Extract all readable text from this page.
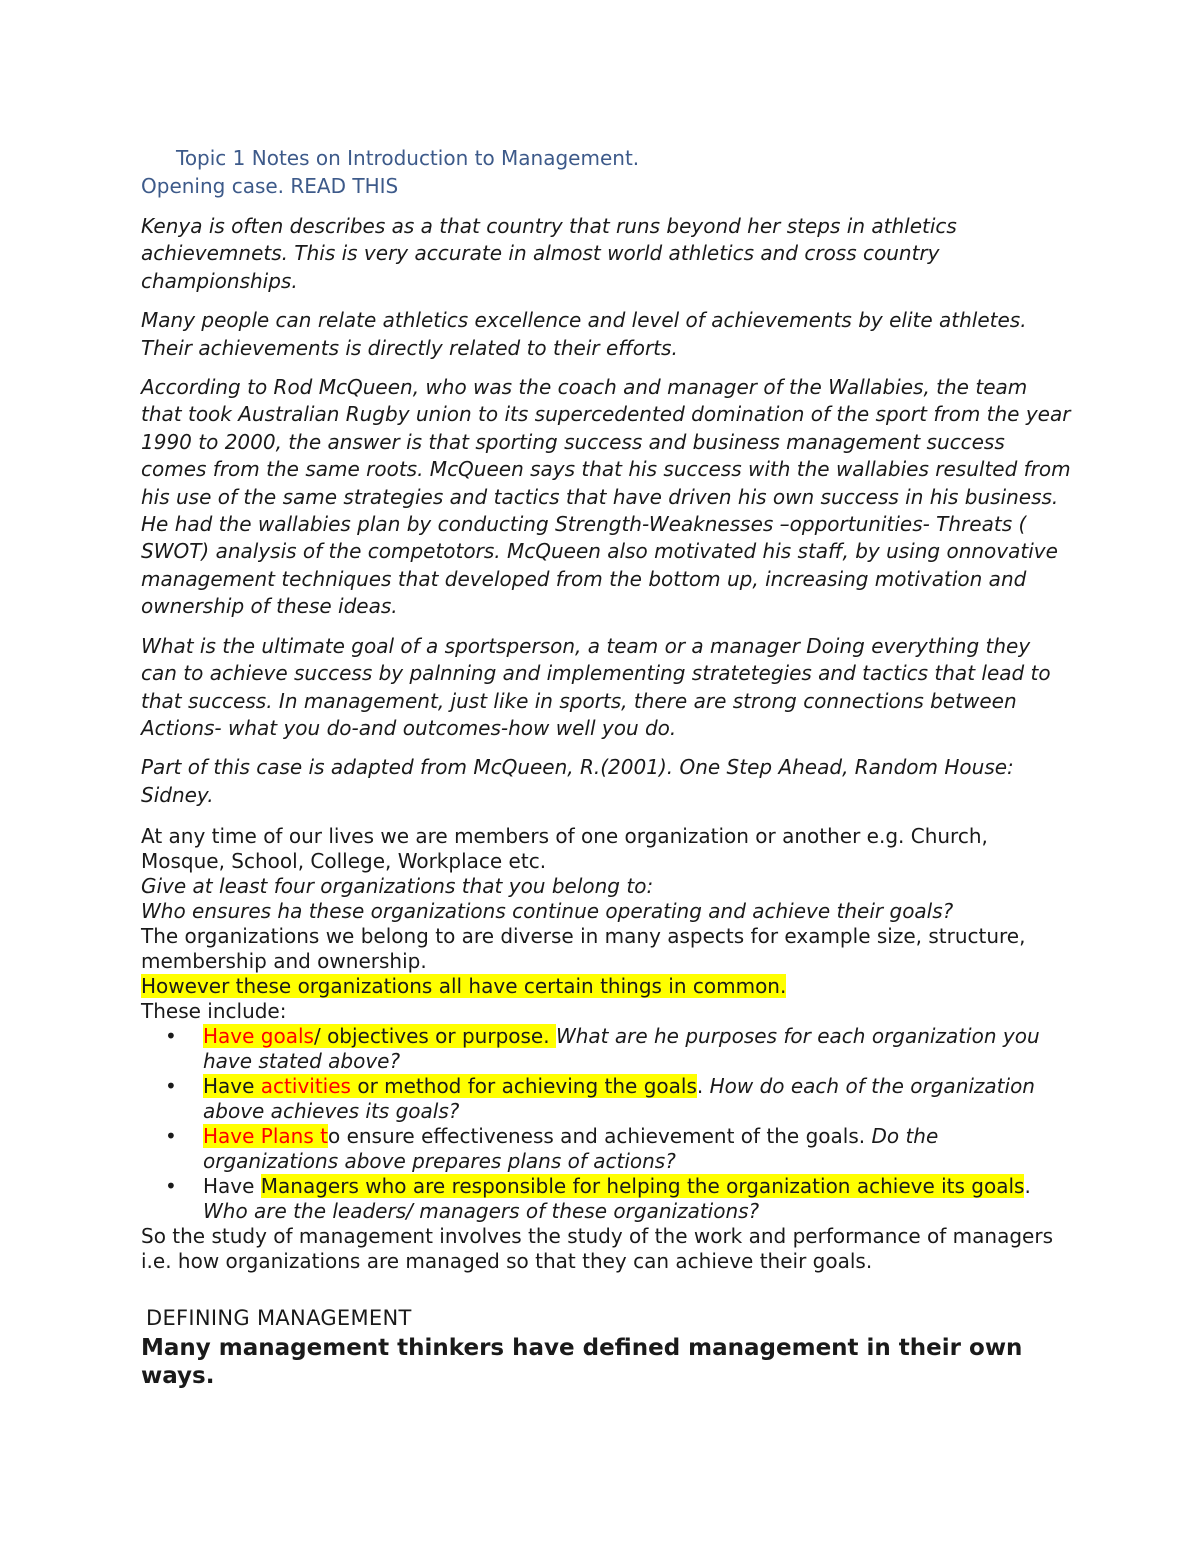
Topic 1 Notes on Introduction to Management.

Opening case. READ THIS

Kenya is often describes as a that country that runs beyond her steps in athletics achievemnets. This is very accurate in almost world athletics and cross country championships.

Many people can relate athletics excellence and level of achievements by elite athletes. Their achievements is directly related to their efforts.

According to Rod McQueen, who was the coach and manager of the Wallabies, the team that took Australian Rugby union to its supercedented domination of the sport from the year 1990 to 2000, the answer is that sporting success and business management success comes from the same roots. McQueen says that his success with the wallabies resulted from his use of the same strategies and tactics that have driven his own success in his business. He had the wallabies plan by conducting Strength-Weaknesses –opportunities- Threats ( SWOT) analysis of the competotors. McQueen also motivated his staff, by using onnovative management techniques that developed from the bottom up, increasing motivation and ownership of these ideas.

What is the ultimate goal of a sportsperson, a team or a manager Doing everything they can to achieve success by palnning and implementing stratetegies and tactics that lead to that success. In management, just like in sports, there are strong connections between Actions- what you do-and outcomes-how well you do.

Part of this case is adapted from McQueen, R.(2001). One Step Ahead, Random House: Sidney.

At any time of our lives we are members of one organization or another e.g. Church, Mosque, School, College, Workplace etc.

Give at least four organizations that you belong to:

Who ensures ha these organizations continue operating and achieve their goals?

The organizations we belong to are diverse in many aspects for example size, structure, membership and ownership.

However these organizations all have certain things in common.

These include:

• Have goals/ objectives or purpose. What are he purposes for each organization you have stated above?
• Have activities or method for achieving the goals. How do each of the organization above achieves its goals?
• Have Plans to ensure effectiveness and achievement of the goals. Do the organizations above prepares plans of actions?
• Have Managers who are responsible for helping the organization achieve its goals. Who are the leaders/ managers of these organizations?

So the study of management involves the study of the work and performance of managers i.e. how organizations are managed so that they can achieve their goals.

DEFINING MANAGEMENT

Many management thinkers have defined management in their own ways.
